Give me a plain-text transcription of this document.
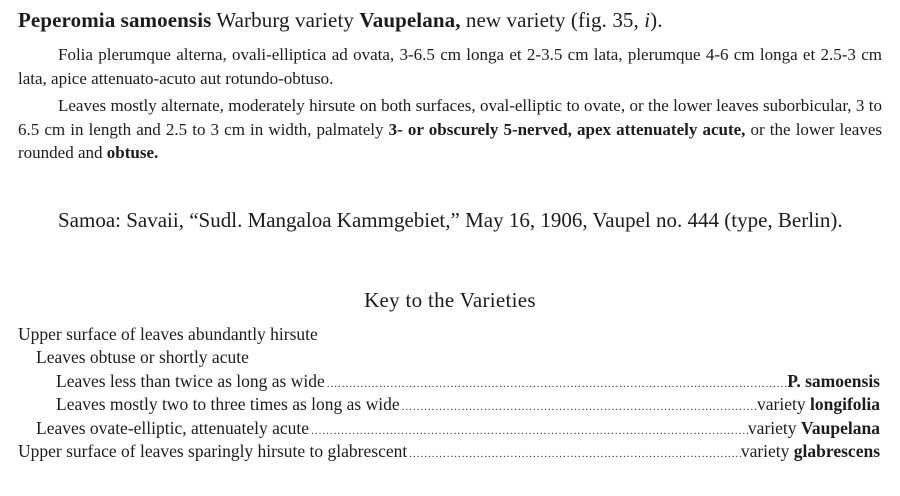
Peperomia samoensis Warburg variety Vaupelana, new variety (fig. 35, i).
Folia plerumque alterna, ovali-elliptica ad ovata, 3-6.5 cm longa et 2-3.5 cm lata, plerumque 4-6 cm longa et 2.5-3 cm lata, apice attenuato-acuto aut rotundo-obtuso.
Leaves mostly alternate, moderately hirsute on both surfaces, oval-elliptic to ovate, or the lower leaves suborbicular, 3 to 6.5 cm in length and 2.5 to 3 cm in width, palmately 3- or obscurely 5-nerved, apex attenuately acute, or the lower leaves rounded and obtuse.
Samoa: Savaii, “Sudl. Mangaloa Kammgebiet,” May 16, 1906, Vaupel no. 444 (type, Berlin).
Key to the Varieties
Upper surface of leaves abundantly hirsute
Leaves obtuse or shortly acute
Leaves less than twice as long as wide .....	P. samoensis
Leaves mostly two to three times as long as wide .....	variety longifolia
Leaves ovate-elliptic, attenuately acute .....	variety Vaupelana
Upper surface of leaves sparingly hirsute to glabrescent .....	variety glabrescens
